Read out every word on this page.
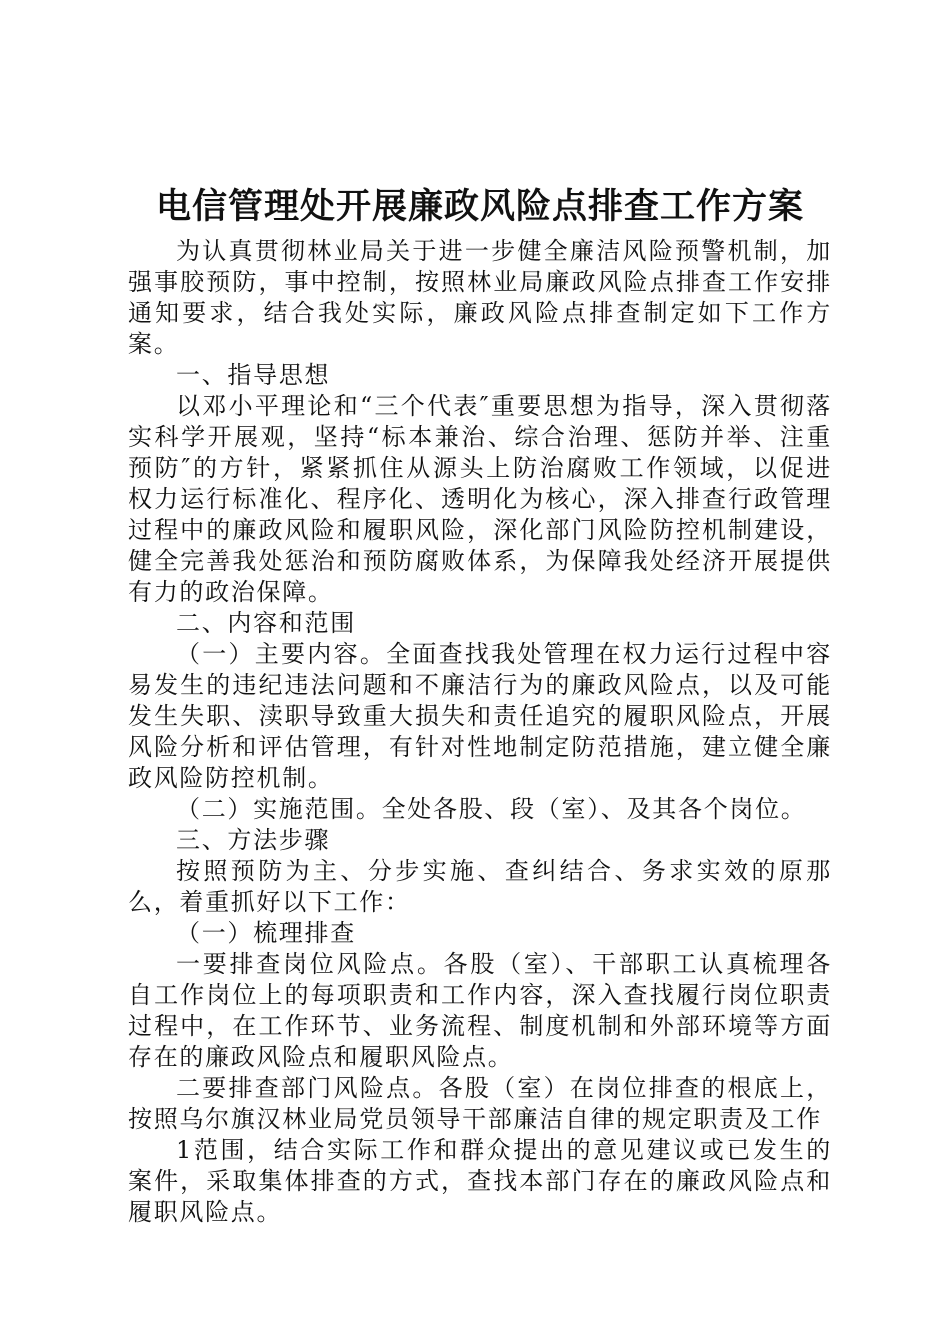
电信管理处开展廉政风险点排查工作方案

为认真贯彻林业局关于进一步健全廉洁风险预警机制，加强事胶预防，事中控制，按照林业局廉政风险点排查工作安排通知要求，结合我处实际，廉政风险点排查制定如下工作方案。

一、指导思想

以邓小平理论和“三个代表″重要思想为指导，深入贯彻落实科学开展观，坚持“标本兼治、综合治理、惩防并举、注重预防″的方针，紧紧抓住从源头上防治腐败工作领域，以促进权力运行标准化、程序化、透明化为核心，深入排查行政管理过程中的廉政风险和履职风险，深化部门风险防控机制建设，健全完善我处惩治和预防腐败体系，为保障我处经济开展提供有力的政治保障。

二、内容和范围

（一）主要内容。全面查找我处管理在权力运行过程中容易发生的违纪违法问题和不廉洁行为的廉政风险点，以及可能发生失职、渎职导致重大损失和责任追究的履职风险点，开展风险分析和评估管理，有针对性地制定防范措施，建立健全廉政风险防控机制。

（二）实施范围。全处各股、段（室）、及其各个岗位。

三、方法步骤

按照预防为主、分步实施、查纠结合、务求实效的原那么，着重抓好以下工作：

（一）梳理排查

一要排查岗位风险点。各股（室）、干部职工认真梳理各自工作岗位上的每项职责和工作内容，深入查找履行岗位职责过程中，在工作环节、业务流程、制度机制和外部环境等方面存在的廉政风险点和履职风险点。

二要排查部门风险点。各股（室）在岗位排查的根底上，按照乌尔旗汉林业局党员领导干部廉洁自律的规定职责及工作

1范围，结合实际工作和群众提出的意见建议或已发生的案件，采取集体排查的方式，查找本部门存在的廉政风险点和履职风险点。
